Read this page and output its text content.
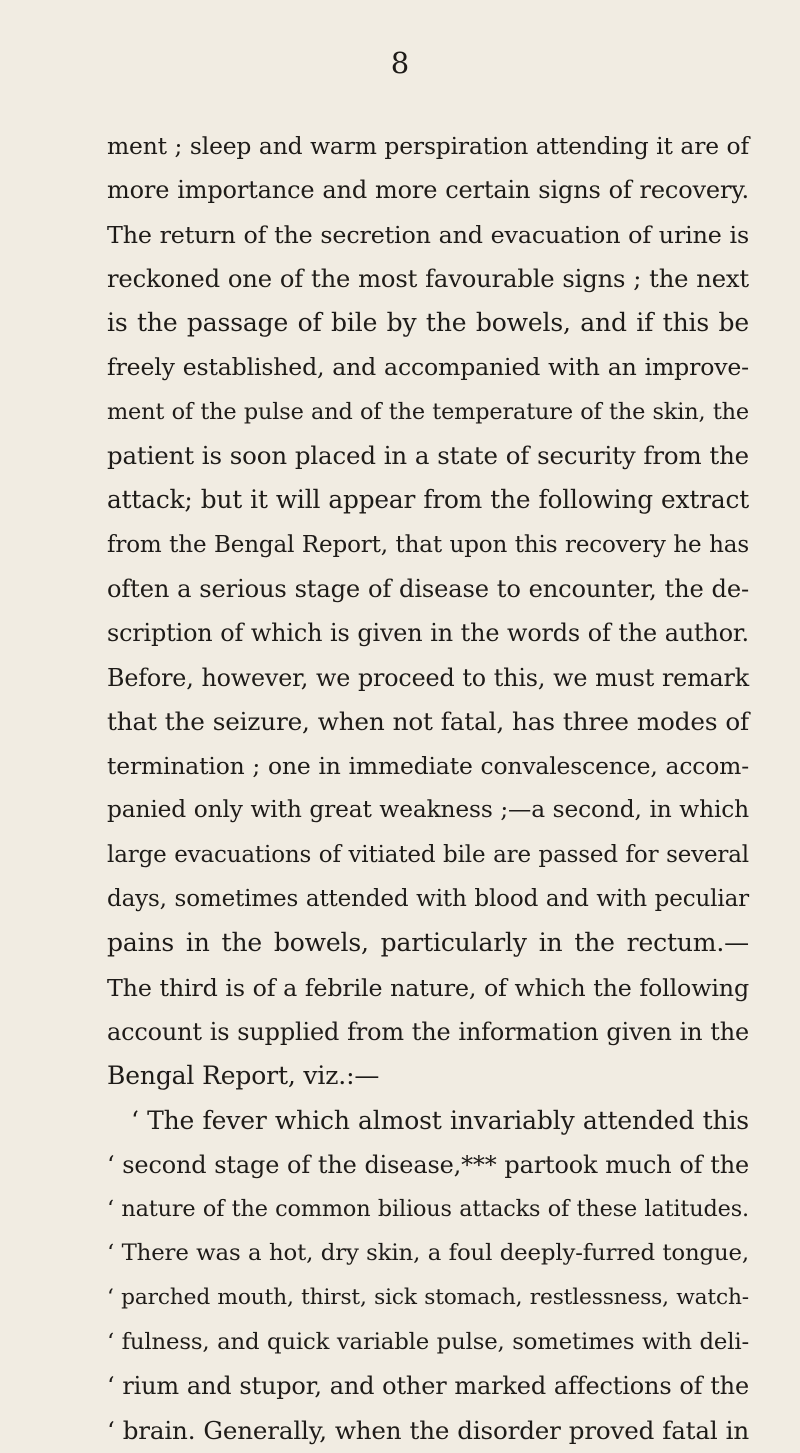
8
ment ; sleep and warm perspiration attending it are of
more importance and more certain signs of recovery.
The return of the secretion and evacuation of urine is
reckoned one of the most favourable signs ; the next
is the passage of bile by the bowels, and if this be
freely established, and accompanied with an improve-
ment of the pulse and of the temperature of the skin, the
patient is soon placed in a state of security from the
attack; but it will appear from the following extract
from the Bengal Report, that upon this recovery he has
often a serious stage of disease to encounter, the de-
scription of which is given in the words of the author.
Before, however, we proceed to this, we must remark
that the seizure, when not fatal, has three modes of
termination ; one in immediate convalescence, accom-
panied only with great weakness ;—a second, in which
large evacuations of vitiated bile are passed for several
days, sometimes attended with blood and with peculiar
pains in the bowels, particularly in the rectum.—
The third is of a febrile nature, of which the following
account is supplied from the information given in the
Bengal Report, viz.:—
‘ The fever which almost invariably attended this
‘ second stage of the disease,*** partook much of the
‘ nature of the common bilious attacks of these latitudes.
‘ There was a hot, dry skin, a foul deeply-furred tongue,
‘ parched mouth, thirst, sick stomach, restlessness, watch-
‘ fulness, and quick variable pulse, sometimes with deli-
‘ rium and stupor, and other marked affections of the
‘ brain. Generally, when the disorder proved fatal in
